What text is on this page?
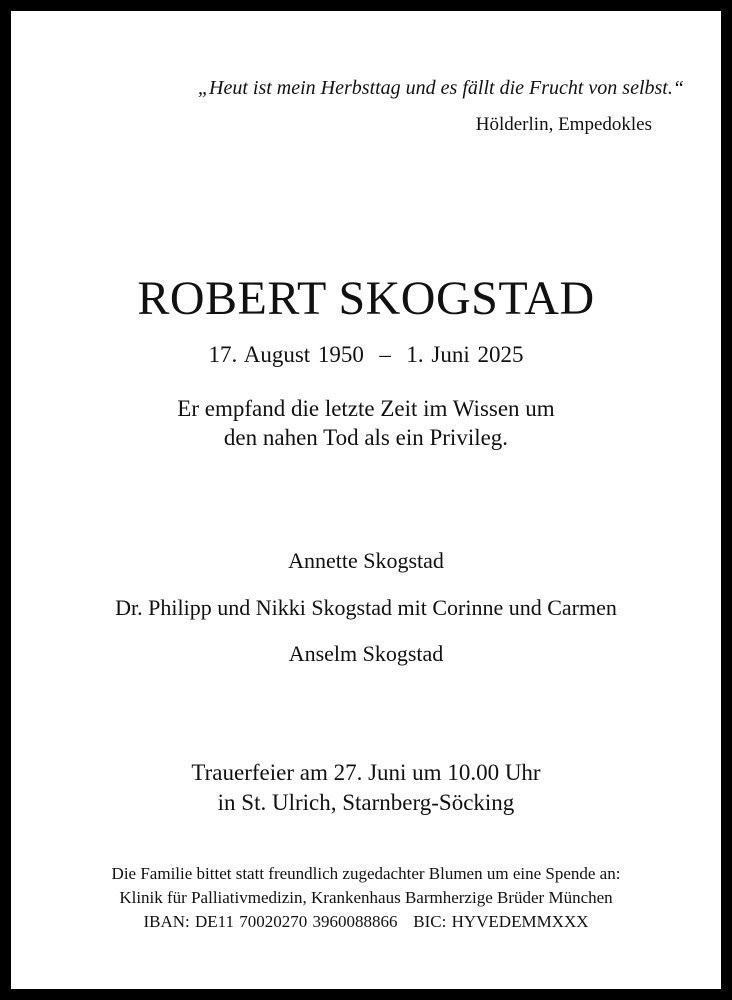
„Heut ist mein Herbsttag und es fällt die Frucht von selbst.“
Hölderlin, Empedokles
ROBERT SKOGSTAD
17. August 1950  –  1. Juni 2025
Er empfand die letzte Zeit im Wissen um
den nahen Tod als ein Privileg.
Annette Skogstad
Dr. Philipp und Nikki Skogstad mit Corinne und Carmen
Anselm Skogstad
Trauerfeier am 27. Juni um 10.00 Uhr
in St. Ulrich, Starnberg-Söcking
Die Familie bittet statt freundlich zugedachter Blumen um eine Spende an:
Klinik für Palliativmedizin, Krankenhaus Barmherzige Brüder München
IBAN: DE11 70020270 3960088866   BIC: HYVEDEMMXXX
